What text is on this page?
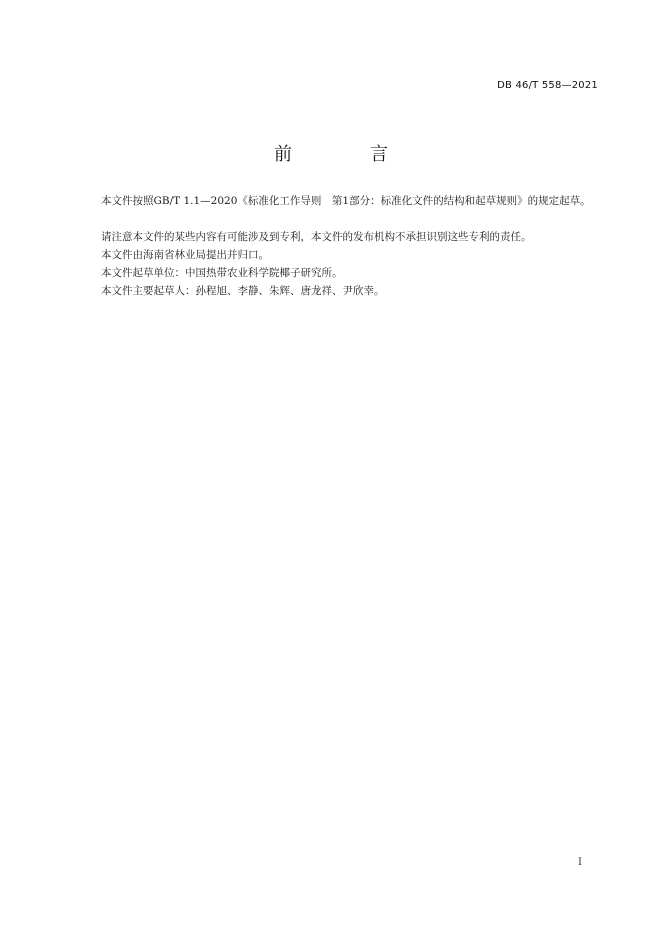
DB 46/T 558—2021
前　言

本文件按照GB/T 1.1—2020《标准化工作导则　第1部分：标准化文件的结构和起草规则》的规定起草。

请注意本文件的某些内容有可能涉及到专利，本文件的发布机构不承担识别这些专利的责任。

本文件由海南省林业局提出并归口。

本文件起草单位：中国热带农业科学院椰子研究所。

本文件主要起草人：孙程旭、李静、朱辉、唐龙祥、尹欣幸。

I
